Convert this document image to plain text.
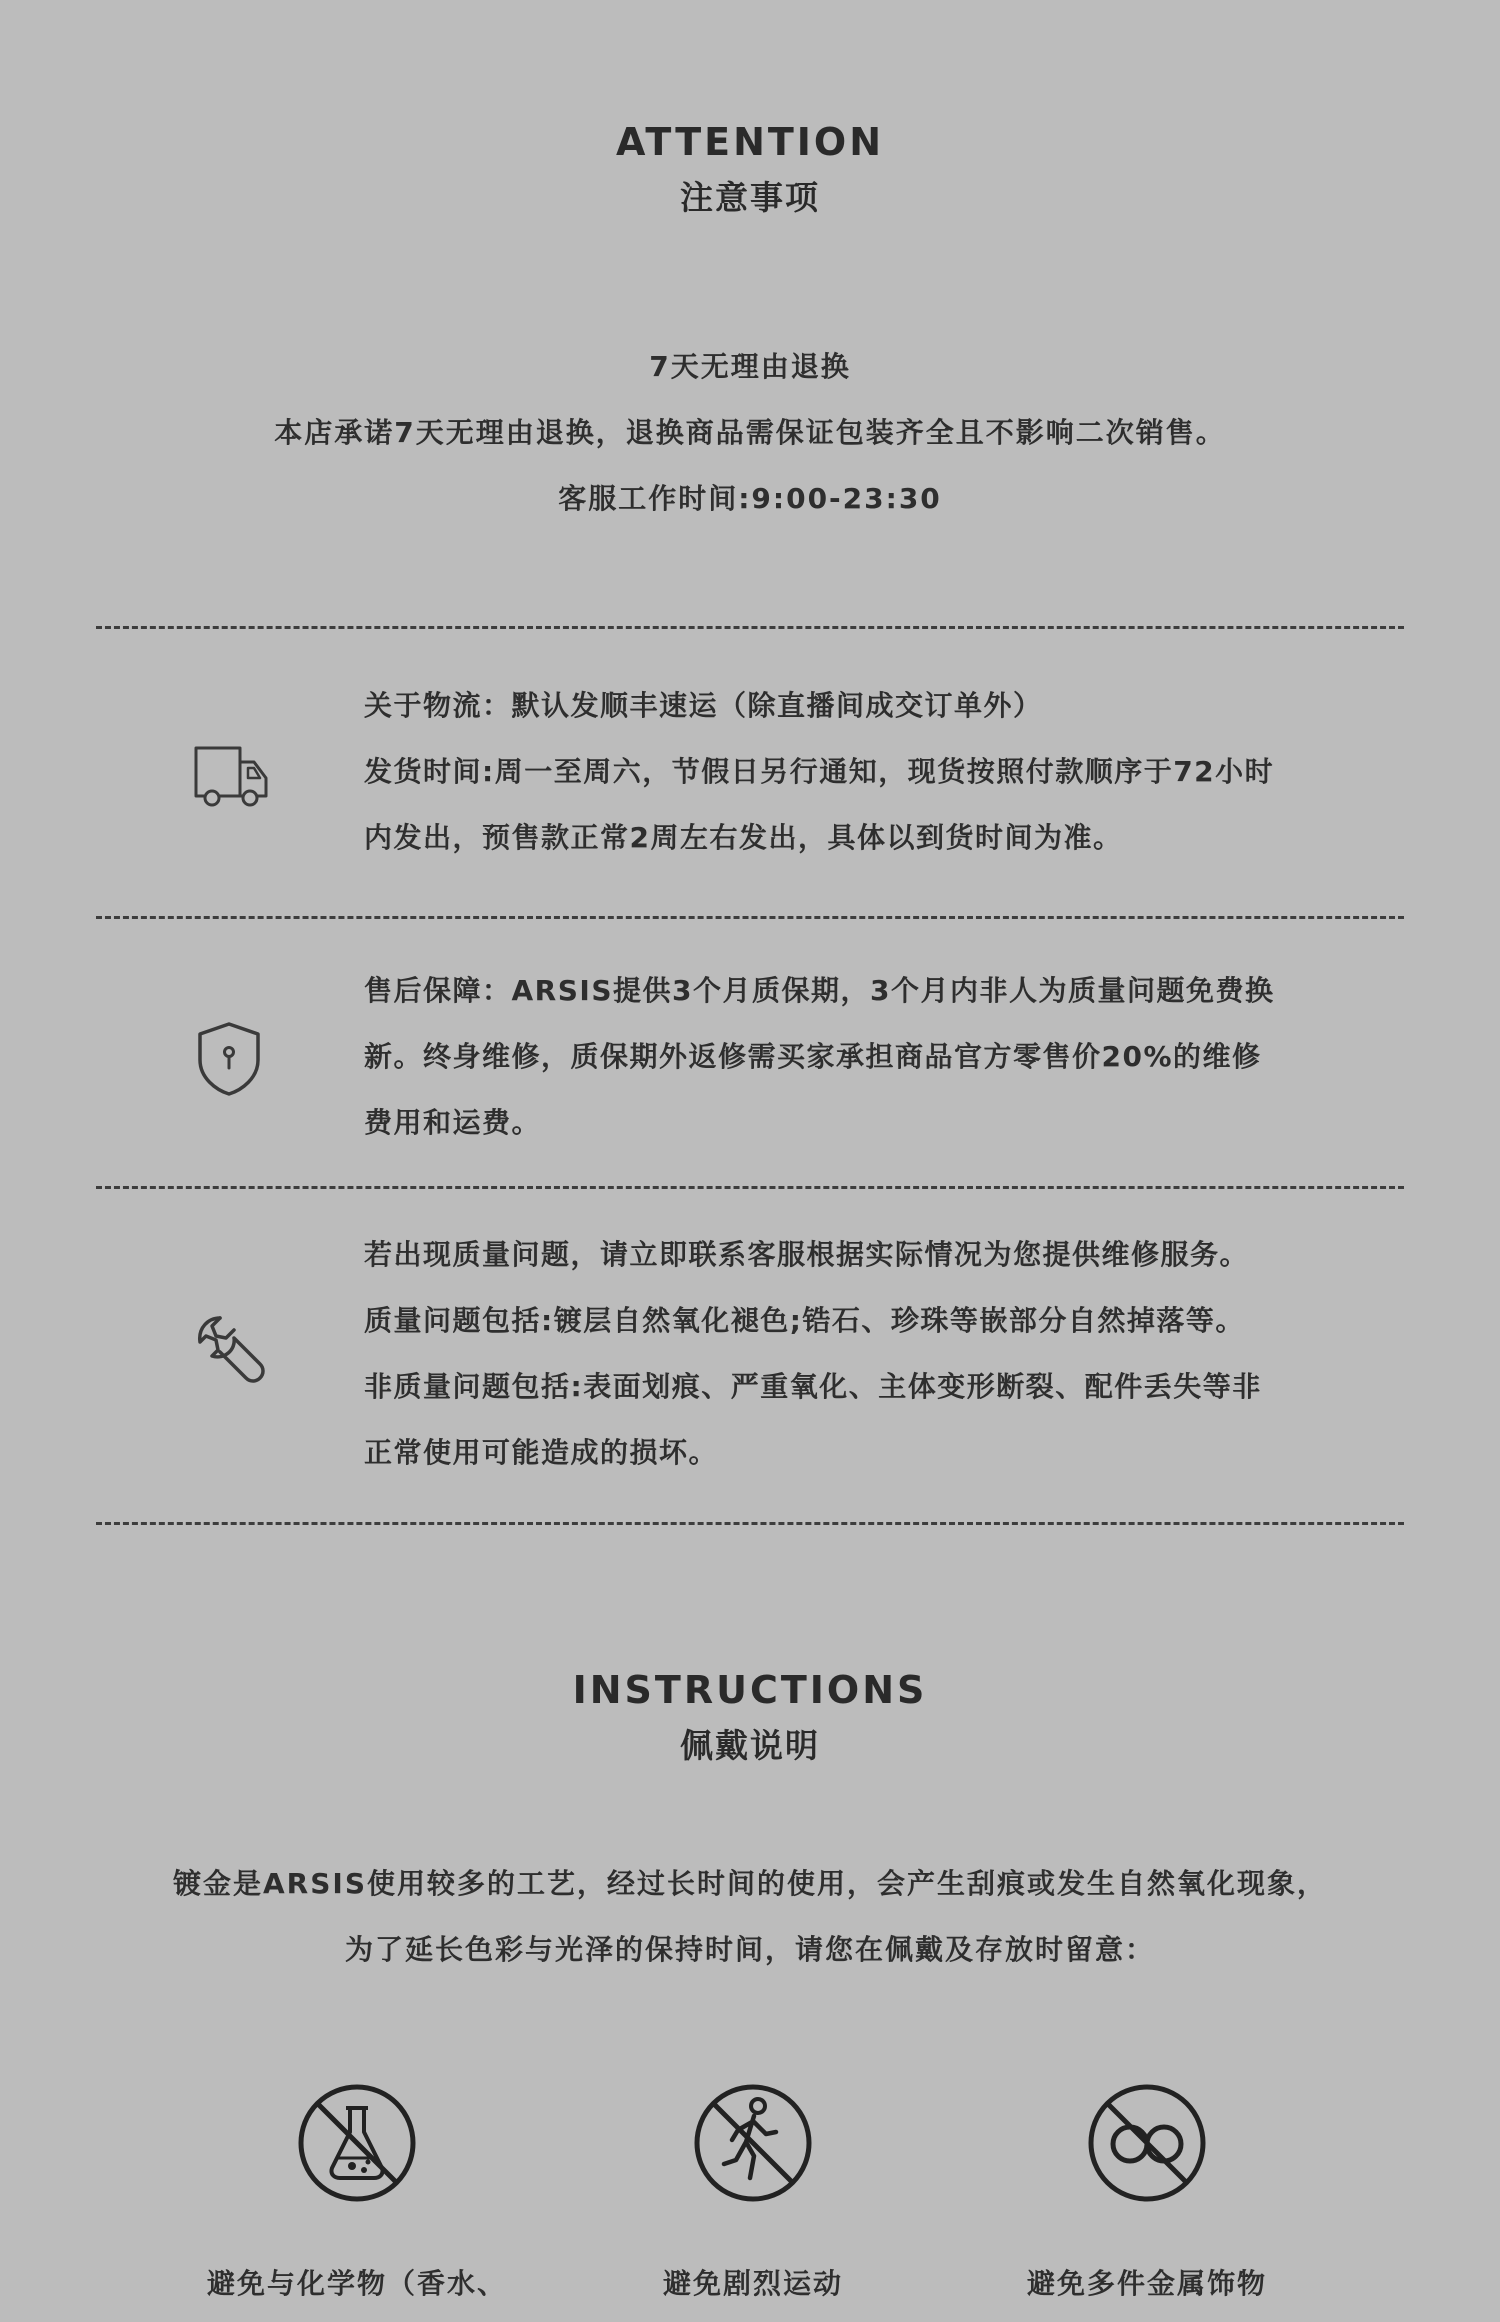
ATTENTION
注意事项
7天无理由退换
本店承诺7天无理由退换，退换商品需保证包装齐全且不影响二次销售。
客服工作时间:9:00-23:30
关于物流：默认发顺丰速运（除直播间成交订单外）
发货时间:周一至周六，节假日另行通知，现货按照付款顺序于72小时
内发出，预售款正常2周左右发出，具体以到货时间为准。
售后保障：ARSIS提供3个月质保期，3个月内非人为质量问题免费换
新。终身维修，质保期外返修需买家承担商品官方零售价20%的维修
费用和运费。
若出现质量问题，请立即联系客服根据实际情况为您提供维修服务。
质量问题包括:镀层自然氧化褪色;锆石、珍珠等嵌部分自然掉落等。
非质量问题包括:表面划痕、严重氧化、主体变形断裂、配件丢失等非
正常使用可能造成的损坏。
INSTRUCTIONS
佩戴说明
镀金是ARSIS使用较多的工艺，经过长时间的使用，会产生刮痕或发生自然氧化现象，
为了延长色彩与光泽的保持时间，请您在佩戴及存放时留意：
避免与化学物（香水、	避免剧烈运动	避免多件金属饰物
